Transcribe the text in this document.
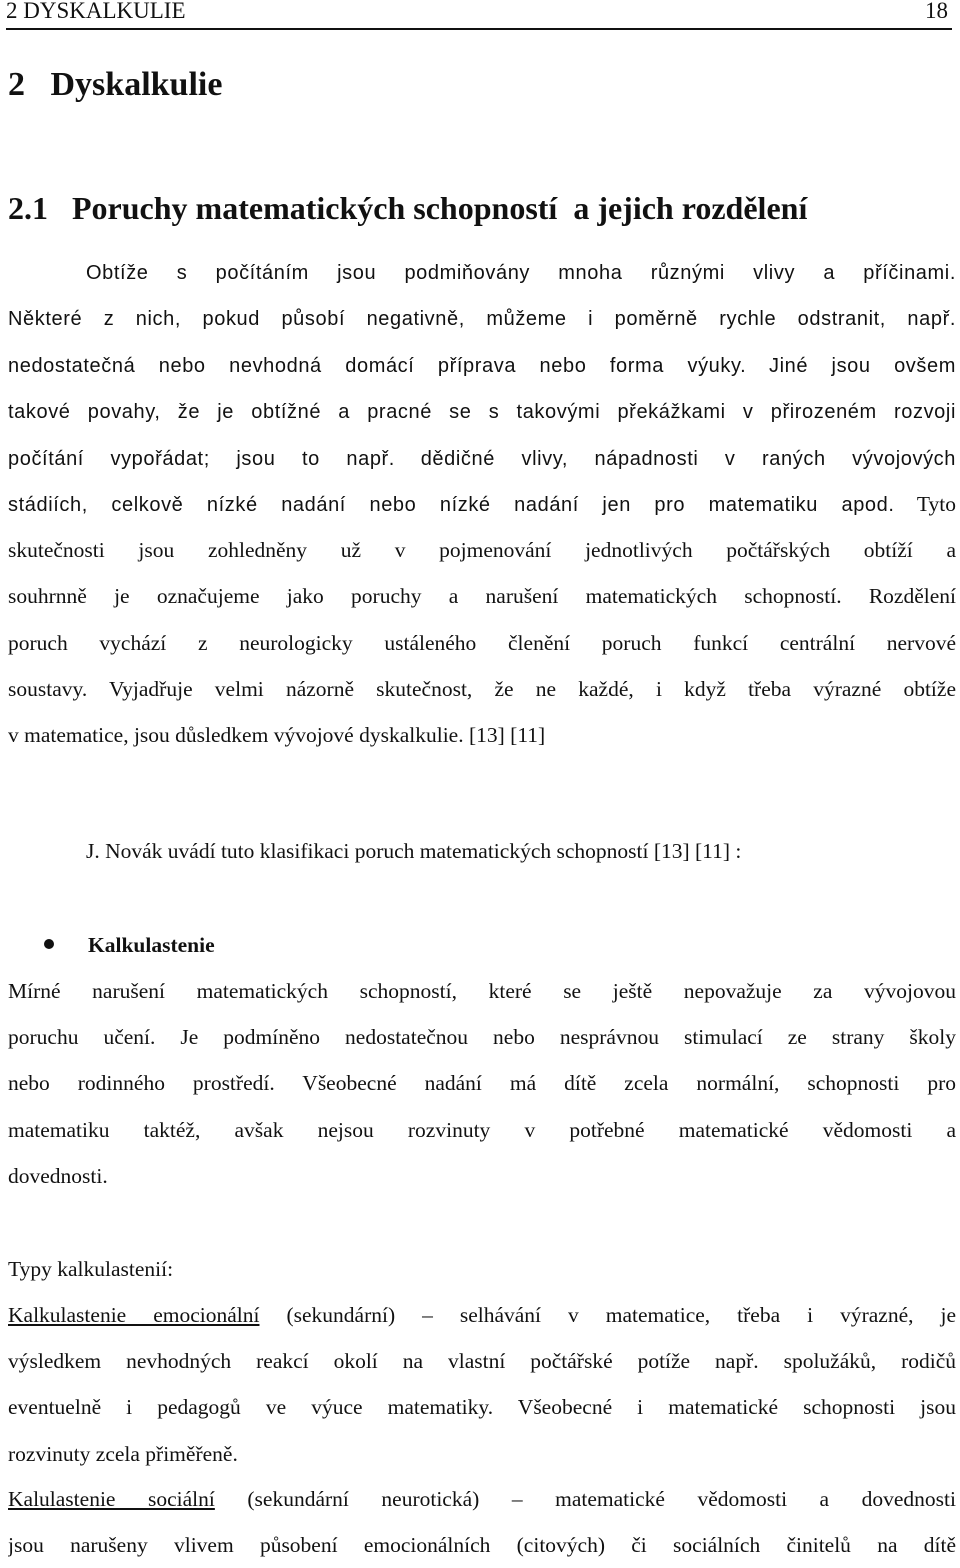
2 DYSKALKULIE	18
2   Dyskalkulie
2.1   Poruchy matematických schopností  a jejich rozdělení
Obtíže s počítáním jsou podmiňovány mnoha různými vlivy a příčinami.
Některé z nich, pokud působí negativně, můžeme i poměrně rychle odstranit, např.
nedostatečná nebo nevhodná domácí příprava nebo forma výuky. Jiné jsou ovšem
takové povahy, že je obtížné a pracné se s takovými překážkami v přirozeném rozvoji
počítání vypořádat; jsou to např. dědičné vlivy, nápadnosti v raných vývojových
stádiích, celkově nízké nadání nebo nízké nadání jen pro matematiku apod. Tyto
skutečnosti jsou zohledněny už v pojmenování jednotlivých počtářských obtíží a
souhrnně je označujeme jako poruchy a narušení matematických schopností. Rozdělení
poruch vychází z neurologicky ustáleného členění poruch funkcí centrální nervové
soustavy. Vyjadřuje velmi názorně skutečnost, že ne každé, i když třeba výrazné obtíže
v matematice, jsou důsledkem vývojové dyskalkulie. [13] [11]
J. Novák uvádí tuto klasifikaci poruch matematických schopností [13] [11] :
Kalkulastenie
Mírné narušení matematických schopností, které se ještě nepovažuje za vývojovou
poruchu učení. Je podmíněno nedostatečnou nebo nesprávnou stimulací ze strany školy
nebo rodinného prostředí. Všeobecné nadání má dítě zcela normální, schopnosti pro
matematiku taktéž, avšak nejsou rozvinuty v potřebné matematické vědomosti a
dovednosti.
Typy kalkulastenií:
Kalkulastenie emocionální (sekundární) – selhávání v matematice, třeba i výrazné, je
výsledkem nevhodných reakcí okolí na vlastní počtářské potíže např. spolužáků, rodičů
eventuelně i pedagogů ve výuce matematiky. Všeobecné i matematické schopnosti jsou
rozvinuty zcela přiměřeně.
Kalulastenie sociální (sekundární neurotická) – matematické vědomosti a dovednosti
jsou narušeny vlivem působení emocionálních (citových) či sociálních činitelů na dítě
